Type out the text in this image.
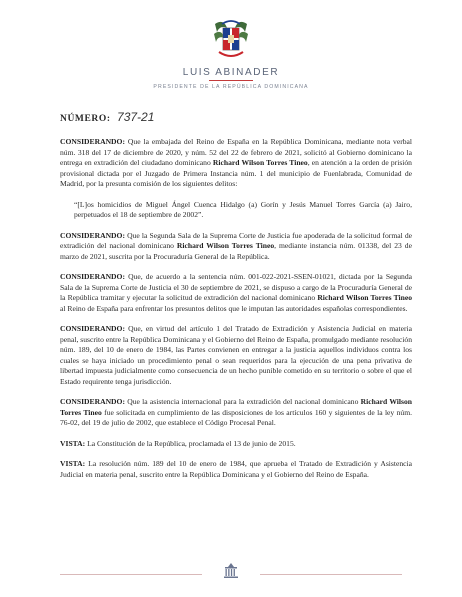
LUIS ABINADER
PRESIDENTE DE LA REPÚBLICA DOMINICANA
NÚMERO: 737-21

CONSIDERANDO: Que la embajada del Reino de España en la República Dominicana, mediante nota verbal núm. 318 del 17 de diciembre de 2020, y núm. 52 del 22 de febrero de 2021, solicitó al Gobierno dominicano la entrega en extradición del ciudadano dominicano Richard Wilson Torres Tineo, en atención a la orden de prisión provisional dictada por el Juzgado de Primera Instancia núm. 1 del municipio de Fuenlabrada, Comunidad de Madrid, por la presunta comisión de los siguientes delitos:

“[L]os homicidios de Miguel Ángel Cuenca Hidalgo (a) Gorín y Jesús Manuel Torres García (a) Jairo, perpetuados el 18 de septiembre de 2002”.

CONSIDERANDO: Que la Segunda Sala de la Suprema Corte de Justicia fue apoderada de la solicitud formal de extradición del nacional dominicano Richard Wilson Torres Tineo, mediante instancia núm. 01338, del 23 de marzo de 2021, suscrita por la Procuraduría General de la República.

CONSIDERANDO: Que, de acuerdo a la sentencia núm. 001-022-2021-SSEN-01021, dictada por la Segunda Sala de la Suprema Corte de Justicia el 30 de septiembre de 2021, se dispuso a cargo de la Procuraduría General de la República tramitar y ejecutar la solicitud de extradición del nacional dominicano Richard Wilson Torres Tineo al Reino de España para enfrentar los presuntos delitos que le imputan las autoridades españolas correspondientes.

CONSIDERANDO: Que, en virtud del artículo 1 del Tratado de Extradición y Asistencia Judicial en materia penal, suscrito entre la República Dominicana y el Gobierno del Reino de España, promulgado mediante resolución núm. 189, del 10 de enero de 1984, las Partes convienen en entregar a la justicia aquellos individuos contra los cuales se haya iniciado un procedimiento penal o sean requeridos para la ejecución de una pena privativa de libertad impuesta judicialmente como consecuencia de un hecho punible cometido en su territorio o sobre el que el Estado requirente tenga jurisdicción.

CONSIDERANDO: Que la asistencia internacional para la extradición del nacional dominicano Richard Wilson Torres Tineo fue solicitada en cumplimiento de las disposiciones de los artículos 160 y siguientes de la ley núm. 76-02, del 19 de julio de 2002, que establece el Código Procesal Penal.

VISTA: La Constitución de la República, proclamada el 13 de junio de 2015.

VISTA: La resolución núm. 189 del 10 de enero de 1984, que aprueba el Tratado de Extradición y Asistencia Judicial en materia penal, suscrito entre la República Dominicana y el Gobierno del Reino de España.
